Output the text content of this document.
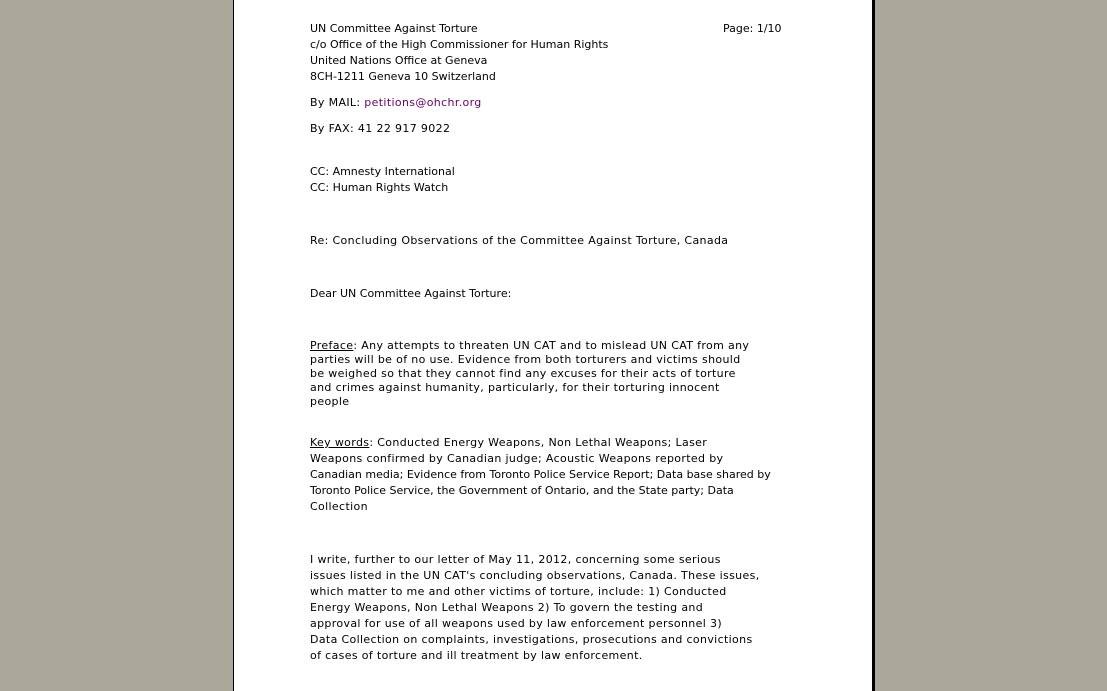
UN Committee Against Torture
c/o Office of the High Commissioner for Human Rights
United Nations Office at Geneva
8CH-1211 Geneva 10 Switzerland
Page: 1/10
By MAIL: petitions@ohchr.org
By FAX: 41 22 917 9022
CC: Amnesty International
CC: Human Rights Watch
Re: Concluding Observations of the Committee Against Torture, Canada
Dear UN Committee Against Torture:
Preface: Any attempts to threaten UN CAT and to mislead UN CAT from any
parties will be of no use. Evidence from both torturers and victims should
be weighed so that they cannot find any excuses for their acts of torture
and crimes against humanity, particularly, for their torturing innocent
people
Key words: Conducted Energy Weapons, Non Lethal Weapons; Laser
Weapons confirmed by Canadian judge; Acoustic Weapons reported by
Canadian media; Evidence from Toronto Police Service Report; Data base shared by
Toronto Police Service, the Government of Ontario, and the State party; Data
Collection
I write, further to our letter of May 11, 2012, concerning some serious
issues listed in the UN CAT's concluding observations, Canada. These issues,
which matter to me and other victims of torture, include: 1) Conducted
Energy Weapons, Non Lethal Weapons 2) To govern the testing and
approval for use of all weapons used by law enforcement personnel 3)
Data Collection on complaints, investigations, prosecutions and convictions
of cases of torture and ill treatment by law enforcement.
